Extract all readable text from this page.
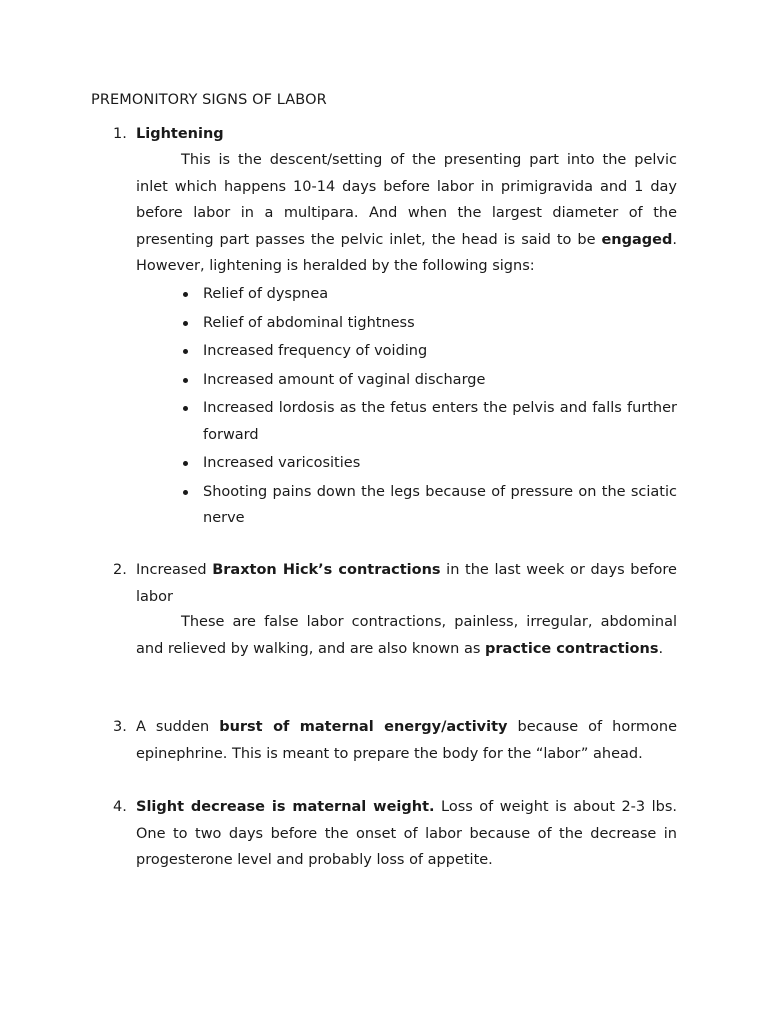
PREMONITORY SIGNS OF LABOR
1. Lightening

This is the descent/setting of the presenting part into the pelvic inlet which happens 10-14 days before labor in primigravida and 1 day before labor in a multipara. And when the largest diameter of the presenting part passes the pelvic inlet, the head is said to be engaged. However, lightening is heralded by the following signs:

Relief of dyspnea
Relief of abdominal tightness
Increased frequency of voiding
Increased amount of vaginal discharge
Increased lordosis as the fetus enters the pelvis and falls further forward
Increased varicosities
Shooting pains down the legs because of pressure on the sciatic nerve
2. Increased Braxton Hick’s contractions in the last week or days before labor

These are false labor contractions, painless, irregular, abdominal and relieved by walking, and are also known as practice contractions.

3. A sudden burst of maternal energy/activity because of hormone epinephrine. This is meant to prepare the body for the “labor” ahead.

4. Slight decrease is maternal weight. Loss of weight is about 2-3 lbs. One to two days before the onset of labor because of the decrease in progesterone level and probably loss of appetite.
